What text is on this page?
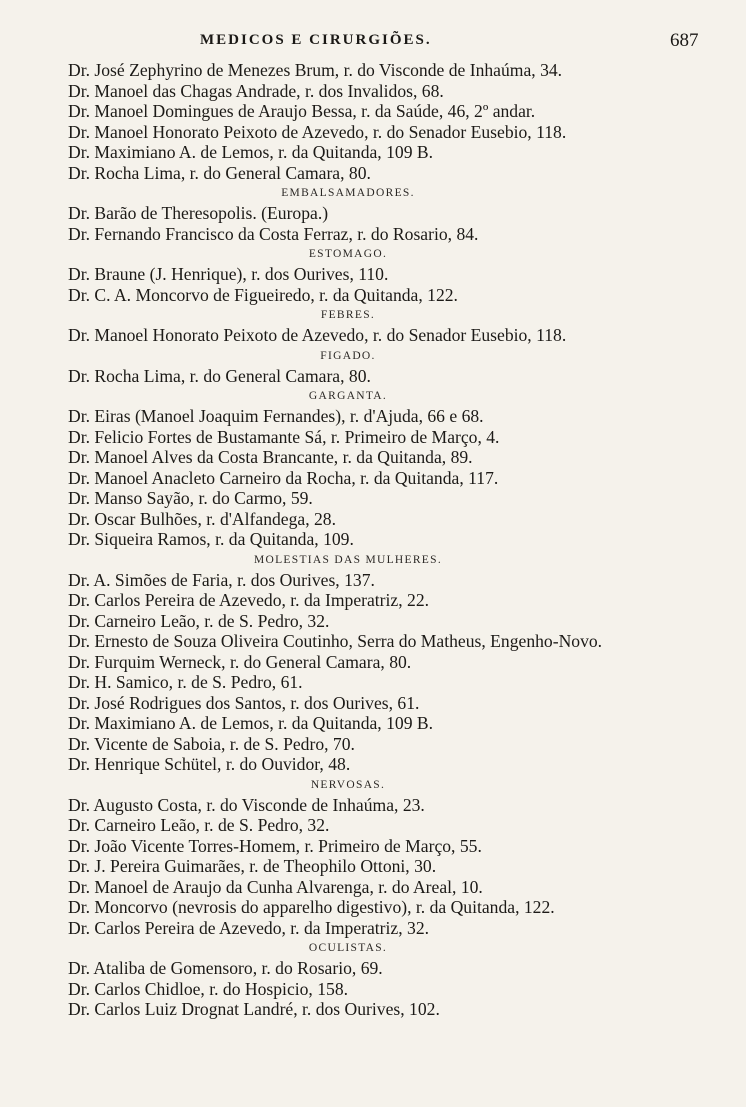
MEDICOS E CIRURGIÕES.	687
Dr. José Zephyrino de Menezes Brum, r. do Visconde de Inhaúma, 34.
Dr. Manoel das Chagas Andrade, r. dos Invalidos, 68.
Dr. Manoel Domingues de Araujo Bessa, r. da Saúde, 46, 2º andar.
Dr. Manoel Honorato Peixoto de Azevedo, r. do Senador Eusebio, 118.
Dr. Maximiano A. de Lemos, r. da Quitanda, 109 B.
Dr. Rocha Lima, r. do General Camara, 80.
EMBALSAMADORES.
Dr. Barão de Theresopolis. (Europa.)
Dr. Fernando Francisco da Costa Ferraz, r. do Rosario, 84.
ESTOMAGO.
Dr. Braune (J. Henrique), r. dos Ourives, 110.
Dr. C. A. Moncorvo de Figueiredo, r. da Quitanda, 122.
FEBRES.
Dr. Manoel Honorato Peixoto de Azevedo, r. do Senador Eusebio, 118.
FIGADO.
Dr. Rocha Lima, r. do General Camara, 80.
GARGANTA.
Dr. Eiras (Manoel Joaquim Fernandes), r. d'Ajuda, 66 e 68.
Dr. Felicio Fortes de Bustamante Sá, r. Primeiro de Março, 4.
Dr. Manoel Alves da Costa Brancante, r. da Quitanda, 89.
Dr. Manoel Anacleto Carneiro da Rocha, r. da Quitanda, 117.
Dr. Manso Sayão, r. do Carmo, 59.
Dr. Oscar Bulhões, r. d'Alfandega, 28.
Dr. Siqueira Ramos, r. da Quitanda, 109.
MOLESTIAS DAS MULHERES.
Dr. A. Simões de Faria, r. dos Ourives, 137.
Dr. Carlos Pereira de Azevedo, r. da Imperatriz, 22.
Dr. Carneiro Leão, r. de S. Pedro, 32.
Dr. Ernesto de Souza Oliveira Coutinho, Serra do Matheus, Engenho-Novo.
Dr. Furquim Werneck, r. do General Camara, 80.
Dr. H. Samico, r. de S. Pedro, 61.
Dr. José Rodrigues dos Santos, r. dos Ourives, 61.
Dr. Maximiano A. de Lemos, r. da Quitanda, 109 B.
Dr. Vicente de Saboia, r. de S. Pedro, 70.
Dr. Henrique Schütel, r. do Ouvidor, 48.
NERVOSAS.
Dr. Augusto Costa, r. do Visconde de Inhaúma, 23.
Dr. Carneiro Leão, r. de S. Pedro, 32.
Dr. João Vicente Torres-Homem, r. Primeiro de Março, 55.
Dr. J. Pereira Guimarães, r. de Theophilo Ottoni, 30.
Dr. Manoel de Araujo da Cunha Alvarenga, r. do Areal, 10.
Dr. Moncorvo (nevrosis do apparelho digestivo), r. da Quitanda, 122.
Dr. Carlos Pereira de Azevedo, r. da Imperatriz, 32.
OCULISTAS.
Dr. Ataliba de Gomensoro, r. do Rosario, 69.
Dr. Carlos Chidloe, r. do Hospicio, 158.
Dr. Carlos Luiz Drognat Landré, r. dos Ourives, 102.
